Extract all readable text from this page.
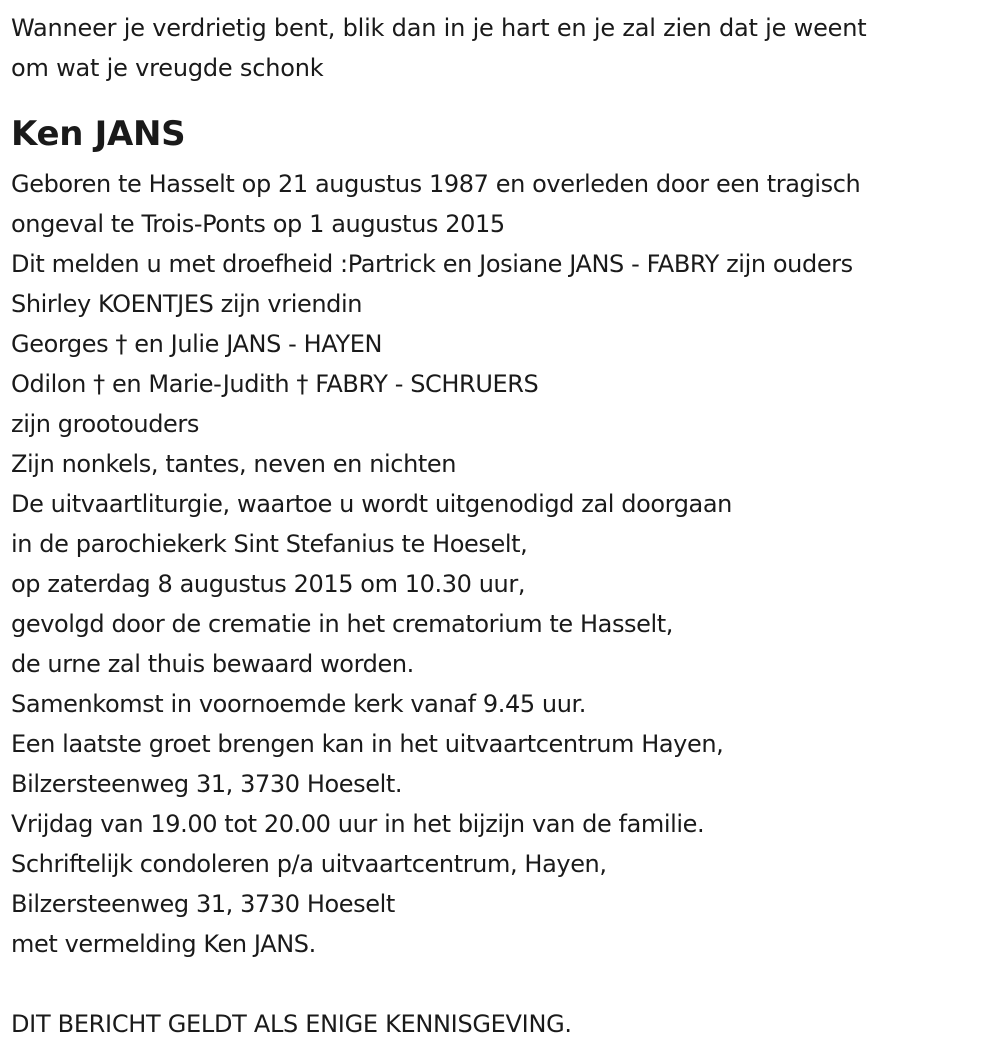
Wanneer je verdrietig bent, blik dan in je hart en je zal zien dat je weent

om wat je vreugde schonk

Ken JANS
Geboren te Hasselt op 21 augustus 1987 en overleden door een tragisch
ongeval te Trois-Ponts op 1 augustus 2015
Dit melden u met droefheid :Partrick en Josiane JANS - FABRY zijn ouders
Shirley KOENTJES zijn vriendin
Georges † en Julie JANS - HAYEN
Odilon † en Marie-Judith † FABRY - SCHRUERS
zijn grootouders
Zijn nonkels, tantes, neven en nichten
De uitvaartliturgie, waartoe u wordt uitgenodigd zal doorgaan
in de parochiekerk Sint Stefanius te Hoeselt,
op zaterdag 8 augustus 2015 om 10.30 uur,
gevolgd door de crematie in het crematorium te Hasselt,
de urne zal thuis bewaard worden.
Samenkomst in voornoemde kerk vanaf 9.45 uur.
Een laatste groet brengen kan in het uitvaartcentrum Hayen,
Bilzersteenweg 31, 3730 Hoeselt.
Vrijdag van 19.00 tot 20.00 uur in het bijzijn van de familie.
Schriftelijk condoleren p/a uitvaartcentrum, Hayen,
Bilzersteenweg 31, 3730 Hoeselt
met vermelding Ken JANS.

DIT BERICHT GELDT ALS ENIGE KENNISGEVING.
